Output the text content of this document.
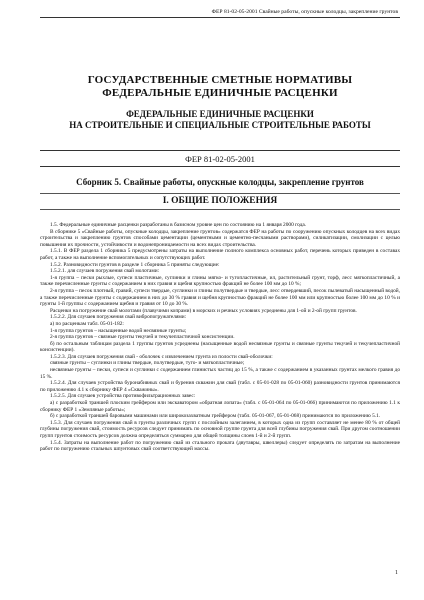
ФЕР 81-02-05-2001 Свайные работы, опускные колодцы, закрепление грунтов
ГОСУДАРСТВЕННЫЕ СМЕТНЫЕ НОРМАТИВЫ
ФЕДЕРАЛЬНЫЕ ЕДИНИЧНЫЕ РАСЦЕНКИ
ФЕДЕРАЛЬНЫЕ ЕДИНИЧНЫЕ РАСЦЕНКИ
НА СТРОИТЕЛЬНЫЕ И СПЕЦИАЛЬНЫЕ СТРОИТЕЛЬНЫЕ РАБОТЫ
ФЕР 81-02-05-2001
Сборник 5. Свайные работы, опускные колодцы, закрепление грунтов
I. ОБЩИЕ ПОЛОЖЕНИЯ

1.5. Федеральные единичные расценки разработаны в базисном уровне цен по состоянию на 1 января 2000 года.

В сборнике 5 «Свайные работы, опускные колодцы, закрепление грунтов» содержатся ФЕР на работы по сооружению опускных колодцев на всех видах строительства и закреплению грунтов способами цементации (цементными и цементно-песчаными растворами), силикатизации, смолизации с целью повышения их прочности, устойчивости и водонепроницаемости на всех видах строительства.

1.5.1. В ФЕР раздела 1 сборника 5 предусмотрены затраты на выполнение полного комплекса основных работ, перечень которых приведен в составах работ, а также на выполнение вспомогательных и сопутствующих работ.

1.5.2. Разновидности грунтов в разделе 1 сборника 5 приняты следующие:

1.5.2.1. для случаев погружения свай молотами:

1-я группа – пески рыхлые, супеси пластичные, суглинки и глины мягко- и тугопластичные, ил, растительный грунт, торф, лесс мягкопластичный, а также перечисленные грунты с содержанием в них гравия и щебня крупностью фракций не более 100 мм до 10 %;

2-я группа – песок плотный, гравий, супеси твердые, суглинки и глины полутвердые и твердые, лесс отвердевший, песок пылеватый насыщенный водой, а также перечисленные грунты с содержанием в них до 30 % гравия и щебня крупностью фракций не более 100 мм или крупностью более 100 мм до 10 % и грунты 1-й группы с содержанием щебня и гравия от 10 до 30 %.

Расценки на погружение свай молотами (плавучими копрами) в морских и речных условиях усреднены для 1-ой и 2-ой групп грунтов.

1.5.2.2. Для случаев погружения свай вибропогружателями:

а) по расценкам табл. 05-01-182:

1-я группа грунтов – насыщенные водой несвязные грунты;

2-я группа грунтов – связные грунты текучей и текучепластичной консистенции.

б) по остальным таблицам раздела 1 группы грунтов усреднены (насыщенные водой несвязные грунты и связные грунты текучей и текучепластичной консистенции).

1.5.2.3. Для случаев погружения свай - оболочек с извлечением грунта из полости свай-оболочки:

связные грунты – суглинки и глины твердые, полутвердые, туго- и мягкопластичные;

несвязные грунты – пески, супеси и суглинки с содержанием глинистых частиц до 15 %, а также с содержанием в указанных грунтах мелкого гравия до 15 %.

1.5.2.4. Для случаев устройства буронабивных свай и бурения скважин для свай (табл. с 05-01-028 по 05-01-060) разновидности грунтов принимаются по приложению 4.1 к сборнику ФЕР 4 «Скважины».

1.5.2.5. Для случаев устройства противофильтрационных завес:

а) с разработкой траншей плоским грейфером или экскаватором «обратная лопата» (табл. с 05-01-064 по 05-01-066) принимаются по приложению 1.1 к сборнику ФЕР 1 «Земляные работы»;

б) с разработкой траншей баровыми машинами или широкозахватным грейфером (табл. 05-01-067, 05-01-068) принимаются по приложению 5.1.

1.5.3. Для случаев погружения свай в грунты различных групп с послойным залеганием, в которых одна из групп составляет не менее 80 % от общей глубины погружения свай, стоимость ресурсов следует принимать по основной группе грунта для всей глубины погружения свай. При другом соотношении групп грунтов стоимость ресурсов должна определяться суммарно для общей толщины слоев 1-й и 2-й групп.

1.5.4. Затраты на выполнение работ по погружению свай из стального проката (двутавры, швеллеры) следует определять по затратам на выполнение работ по погружению стальных шпунтовых свай соответствующей массы.

1
